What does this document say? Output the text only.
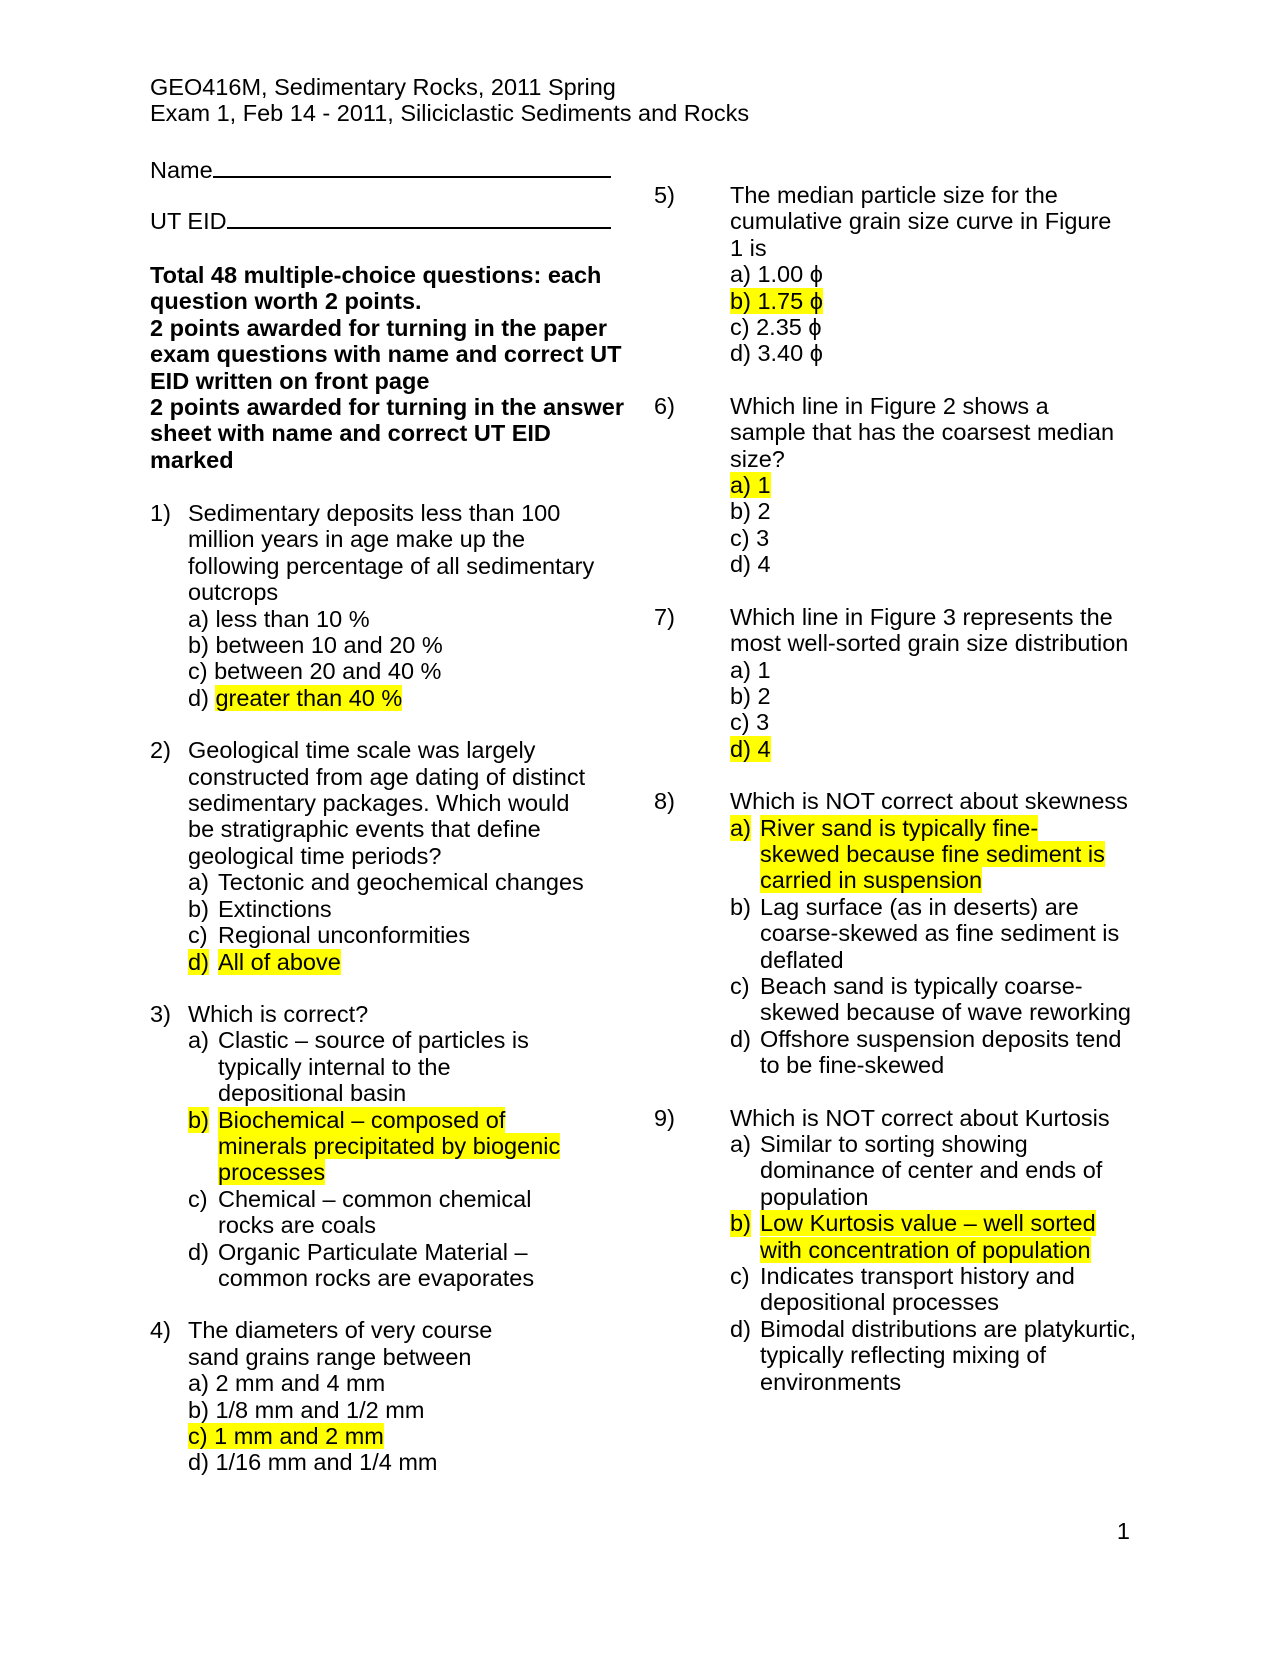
GEO416M, Sedimentary Rocks, 2011 Spring

Exam 1, Feb 14 - 2011, Siliciclastic Sediments and Rocks

Name
UT EID

Total 48 multiple-choice questions: each question worth 2 points.

2 points awarded for turning in the paper exam questions with name and correct UT EID written on front page

2 points awarded for turning in the answer sheet with name and correct UT EID marked

1) Sedimentary deposits less than 100 million years in age make up the following percentage of all sedimentary outcrops

a) less than 10 %
b) between 10 and 20 %
c) between 20 and 40 %
d) greater than 40 %
2) Geological time scale was largely constructed from age dating of distinct sedimentary packages. Which would be stratigraphic events that define geological time periods?

a) Tectonic and geochemical changes
b) Extinctions
c) Regional unconformities
d) All of above
3) Which is correct?

a) Clastic – source of particles is typically internal to the depositional basin
b) Biochemical – composed of minerals precipitated by biogenic processes
c) Chemical – common chemical rocks are coals
d) Organic Particulate Material – common rocks are evaporates
4) The diameters of very course sand grains range between

a) 2 mm and 4 mm
b) 1/8 mm and 1/2 mm
c) 1 mm and 2 mm
d) 1/16 mm and 1/4 mm
5) The median particle size for the cumulative grain size curve in Figure 1 is

a) 1.00 ϕ
b) 1.75 ϕ
c) 2.35 ϕ
d) 3.40 ϕ
6) Which line in Figure 2 shows a sample that has the coarsest median size?

a) 1
b) 2
c) 3
d) 4
7) Which line in Figure 3 represents the most well-sorted grain size distribution

a) 1
b) 2
c) 3
d) 4
8) Which is NOT correct about skewness

a) River sand is typically fine-skewed because fine sediment is carried in suspension
b) Lag surface (as in deserts) are coarse-skewed as fine sediment is deflated
c) Beach sand is typically coarse-skewed because of wave reworking
d) Offshore suspension deposits tend to be fine-skewed
9) Which is NOT correct about Kurtosis

a) Similar to sorting showing dominance of center and ends of population
b) Low Kurtosis value – well sorted with concentration of population
c) Indicates transport history and depositional processes
d) Bimodal distributions are platykurtic, typically reflecting mixing of environments
1
